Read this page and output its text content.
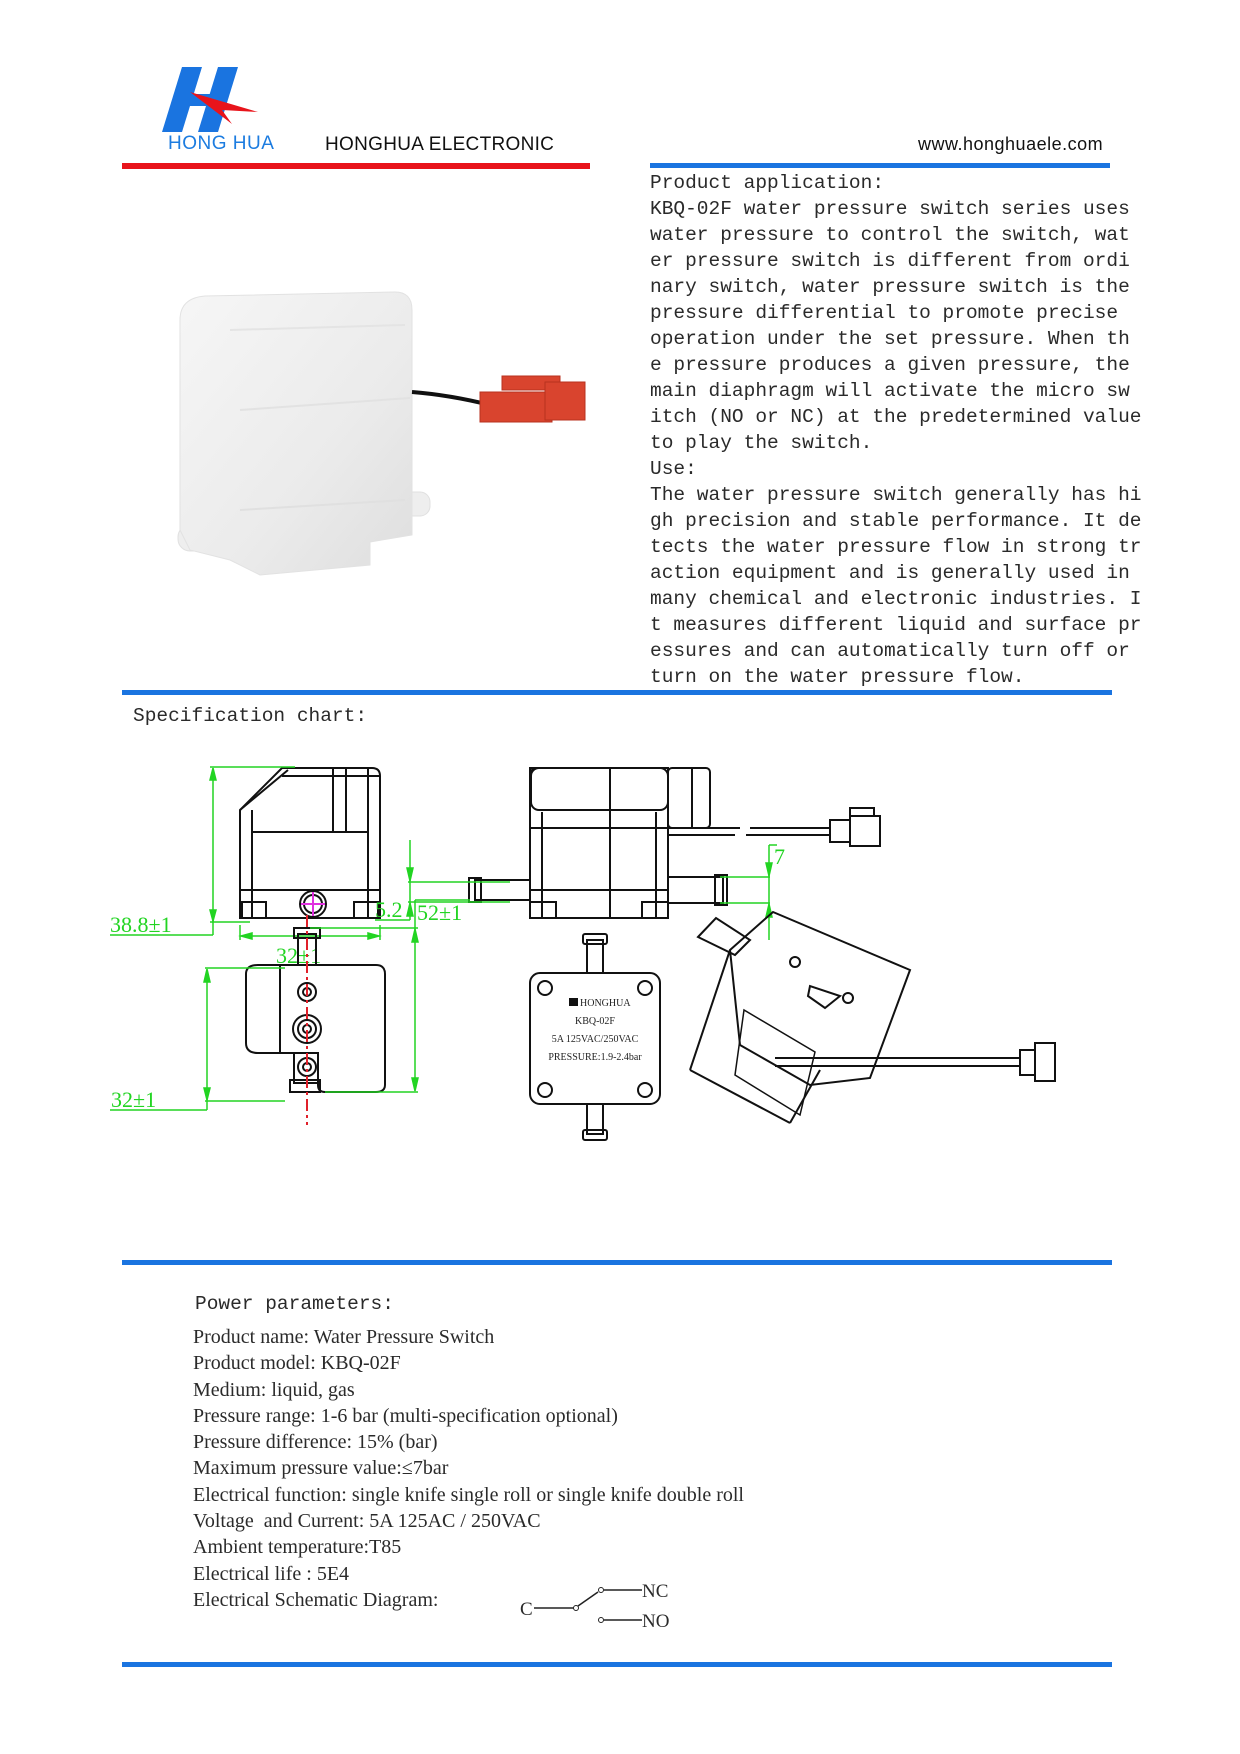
HONG HUA	HONGHUA ELECTRONIC	www.honghuaele.com
Product application:
KBQ-02F water pressure switch series uses
water pressure to control the switch, wat
er pressure switch is different from ordi
nary switch, water pressure switch is the
pressure differential to promote precise
operation under the set pressure. When th
e pressure produces a given pressure, the
main diaphragm will activate the micro sw
itch (NO or NC) at the predetermined value
to play the switch.
Use:
The water pressure switch generally has hi
gh precision and stable performance. It de
tects the water pressure flow in strong tr
action equipment and is generally used in
many chemical and electronic industries. I
t measures different liquid and surface pr
essures and can automatically turn off or
turn on the water pressure flow.
Specification chart:
38.8±1
32±1
5.2
7
32±1
52±1
HONGHUA
KBQ-02F
5A 125VAC/250VAC
PRESSURE:1.9-2.4bar
Power parameters:
Product name: Water Pressure Switch
Product model: KBQ-02F
Medium: liquid, gas
Pressure range: 1-6 bar (multi-specification optional)
Pressure difference: 15% (bar)
Maximum pressure value:≤7bar
Electrical function: single knife single roll or single knife double roll
Voltage  and Current: 5A 125AC / 250VAC
Ambient temperature:T85
Electrical life : 5E4
Electrical Schematic Diagram:	C
NC
NO
